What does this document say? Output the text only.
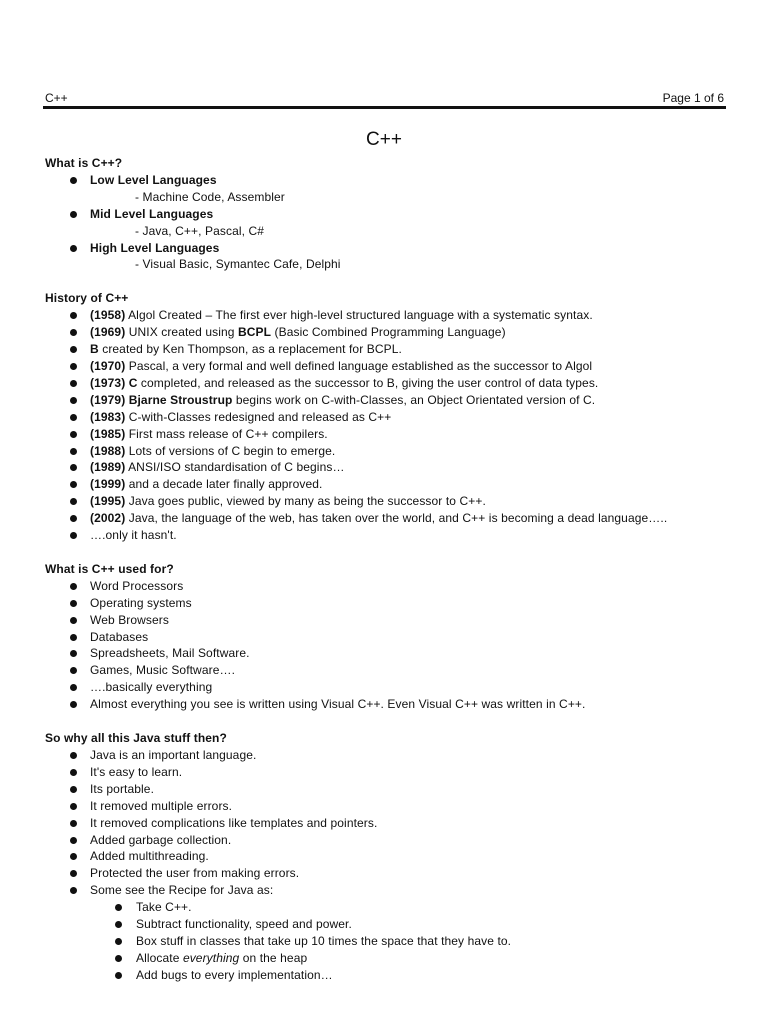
C++	Page 1 of 6
C++
What is C++?
Low Level Languages
- Machine Code, Assembler
Mid Level Languages
- Java, C++, Pascal, C#
High Level Languages
- Visual Basic, Symantec Cafe, Delphi
History of C++
(1958) Algol Created – The first ever high-level structured language with a systematic syntax.
(1969) UNIX created using BCPL (Basic Combined Programming Language)
B created by Ken Thompson, as a replacement for BCPL.
(1970) Pascal, a very formal and well defined language established as the successor to Algol
(1973) C completed, and released as the successor to B, giving the user control of data types.
(1979) Bjarne Stroustrup begins work on C-with-Classes, an Object Orientated version of C.
(1983) C-with-Classes redesigned and released as C++
(1985) First mass release of C++ compilers.
(1988) Lots of versions of C begin to emerge.
(1989) ANSI/ISO standardisation of C begins…
(1999) and a decade later finally approved.
(1995) Java goes public, viewed by many as being the successor to C++.
(2002) Java, the language of the web, has taken over the world, and C++ is becoming a dead language…..
….only it hasn't.
What is C++ used for?
Word Processors
Operating systems
Web Browsers
Databases
Spreadsheets, Mail Software.
Games, Music Software….
….basically everything
Almost everything you see is written using Visual C++. Even Visual C++ was written in C++.
So why all this Java stuff then?
Java is an important language.
It's easy to learn.
Its portable.
It removed multiple errors.
It removed complications like templates and pointers.
Added garbage collection.
Added multithreading.
Protected the user from making errors.
Some see the Recipe for Java as:
Take C++.
Subtract functionality, speed and power.
Box stuff in classes that take up 10 times the space that they have to.
Allocate everything on the heap
Add bugs to every implementation…
